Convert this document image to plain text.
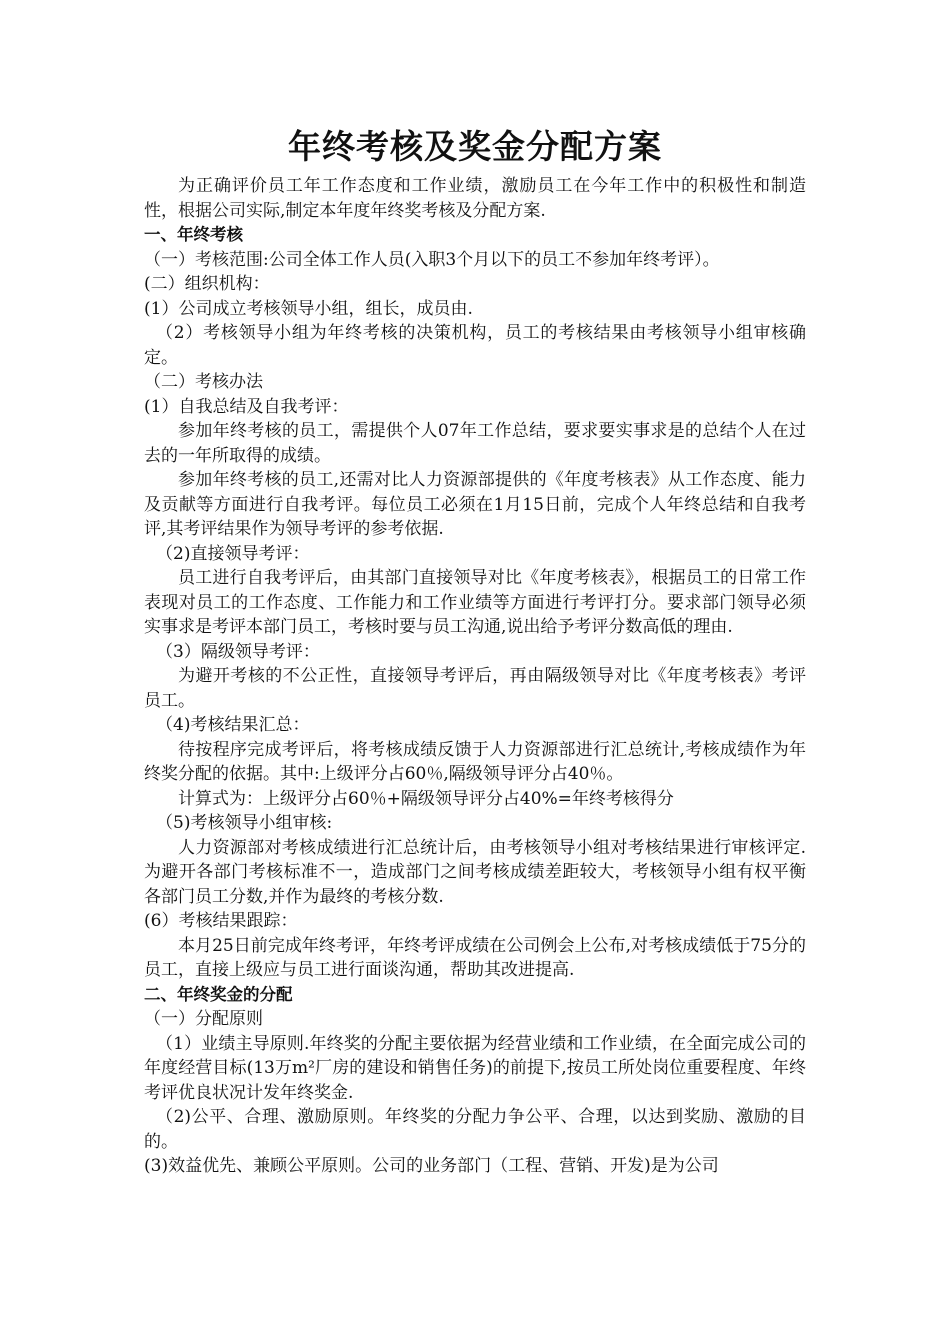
年终考核及奖金分配方案

为正确评价员工年工作态度和工作业绩，激励员工在今年工作中的积极性和制造性，根据公司实际,制定本年度年终奖考核及分配方案.

一、年终考核

（一）考核范围:公司全体工作人员(入职3个月以下的员工不参加年终考评）。

(二）组织机构：

(1）公司成立考核领导小组，组长，成员由.

（2）考核领导小组为年终考核的决策机构，员工的考核结果由考核领导小组审核确定。

（二）考核办法

(1）自我总结及自我考评：

参加年终考核的员工，需提供个人07年工作总结，要求要实事求是的总结个人在过去的一年所取得的成绩。

参加年终考核的员工,还需对比人力资源部提供的《年度考核表》从工作态度、能力及贡献等方面进行自我考评。每位员工必须在1月15日前，完成个人年终总结和自我考评,其考评结果作为领导考评的参考依据.

（2)直接领导考评：

员工进行自我考评后，由其部门直接领导对比《年度考核表》，根据员工的日常工作表现对员工的工作态度、工作能力和工作业绩等方面进行考评打分。要求部门领导必须实事求是考评本部门员工，考核时要与员工沟通,说出给予考评分数高低的理由.

（3）隔级领导考评：

为避开考核的不公正性，直接领导考评后，再由隔级领导对比《年度考核表》考评员工。

（4)考核结果汇总：

待按程序完成考评后，将考核成绩反馈于人力资源部进行汇总统计,考核成绩作为年终奖分配的依据。其中:上级评分占60％,隔级领导评分占40％。

计算式为：上级评分占60％+隔级领导评分占40%=年终考核得分

（5)考核领导小组审核:

人力资源部对考核成绩进行汇总统计后，由考核领导小组对考核结果进行审核评定.为避开各部门考核标准不一，造成部门之间考核成绩差距较大，考核领导小组有权平衡各部门员工分数,并作为最终的考核分数.

(6）考核结果跟踪：

本月25日前完成年终考评，年终考评成绩在公司例会上公布,对考核成绩低于75分的员工，直接上级应与员工进行面谈沟通，帮助其改进提高.

二、年终奖金的分配

（一）分配原则

（1）业绩主导原则.年终奖的分配主要依据为经营业绩和工作业绩，在全面完成公司的年度经营目标(13万m²厂房的建设和销售任务)的前提下,按员工所处岗位重要程度、年终考评优良状况计发年终奖金.

（2)公平、合理、激励原则。年终奖的分配力争公平、合理，以达到奖励、激励的目的。

(3)效益优先、兼顾公平原则。公司的业务部门（工程、营销、开发)是为公司
